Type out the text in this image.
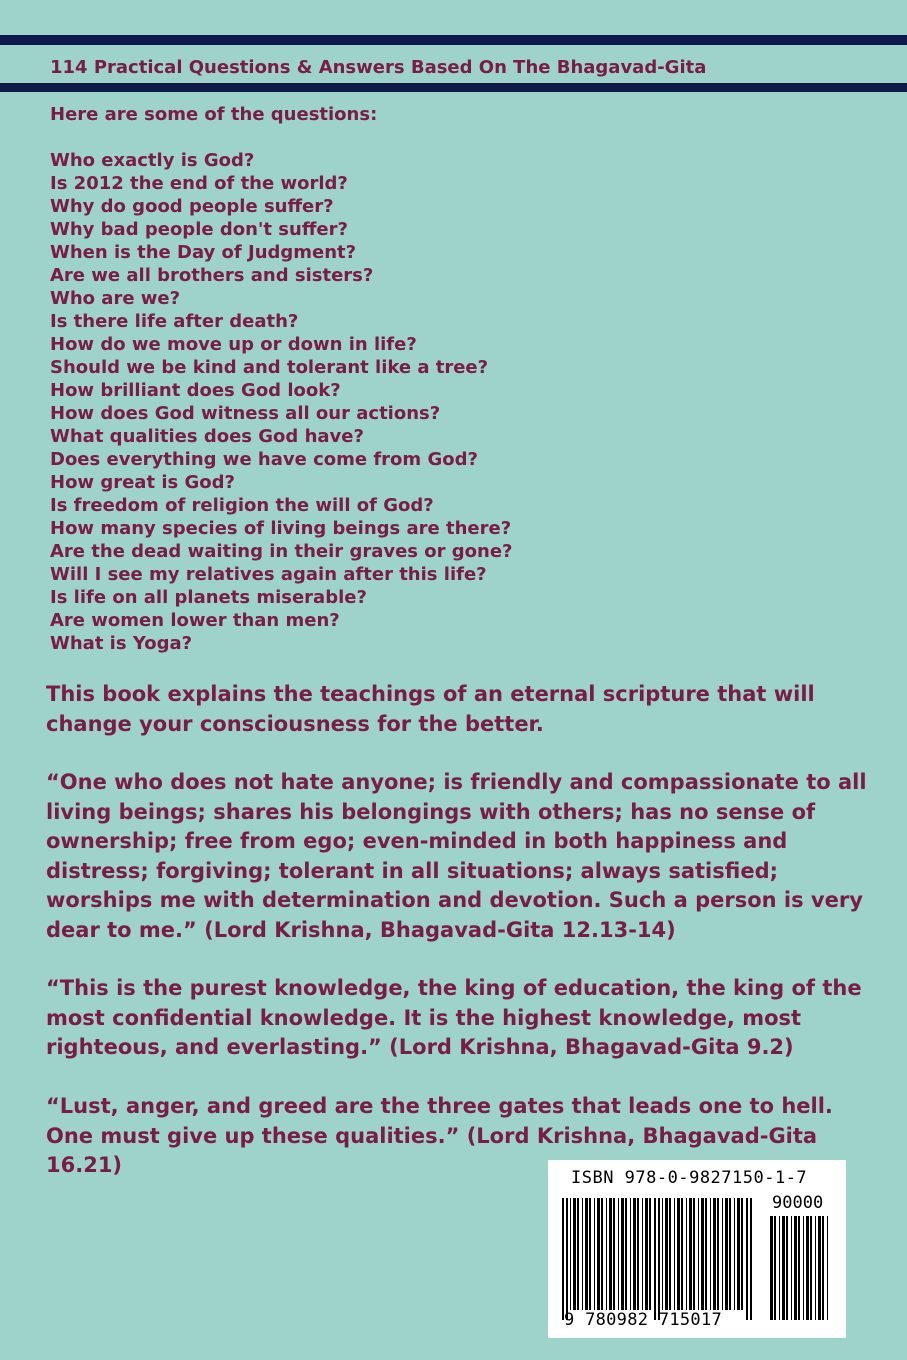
114 Practical Questions & Answers Based On The Bhagavad-Gita
Here are some of the questions:
Who exactly is God?
Is 2012 the end of the world?
Why do good people suffer?
Why bad people don't suffer?
When is the Day of Judgment?
Are we all brothers and sisters?
Who are we?
Is there life after death?
How do we move up or down in life?
Should we be kind and tolerant like a tree?
How brilliant does God look?
How does God witness all our actions?
What qualities does God have?
Does everything we have come from God?
How great is God?
Is freedom of religion the will of God?
How many species of living beings are there?
Are the dead waiting in their graves or gone?
Will I see my relatives again after this life?
Is life on all planets miserable?
Are women lower than men?
What is Yoga?

This book explains the teachings of an eternal scripture that will change your consciousness for the better.

“One who does not hate anyone; is friendly and compassionate to all living beings; shares his belongings with others; has no sense of ownership; free from ego; even-minded in both happiness and distress; forgiving; tolerant in all situations; always satisfied; worships me with determination and devotion. Such a person is very dear to me.” (Lord Krishna, Bhagavad-Gita 12.13-14)

“This is the purest knowledge, the king of education, the king of the most confidential knowledge. It is the highest knowledge, most righteous, and everlasting.” (Lord Krishna, Bhagavad-Gita 9.2)

“Lust, anger, and greed are the three gates that leads one to hell. One must give up these qualities.” (Lord Krishna, Bhagavad-Gita 16.21)

ISBN 978-0-9827150-1-7
90000
9 780982 715017
